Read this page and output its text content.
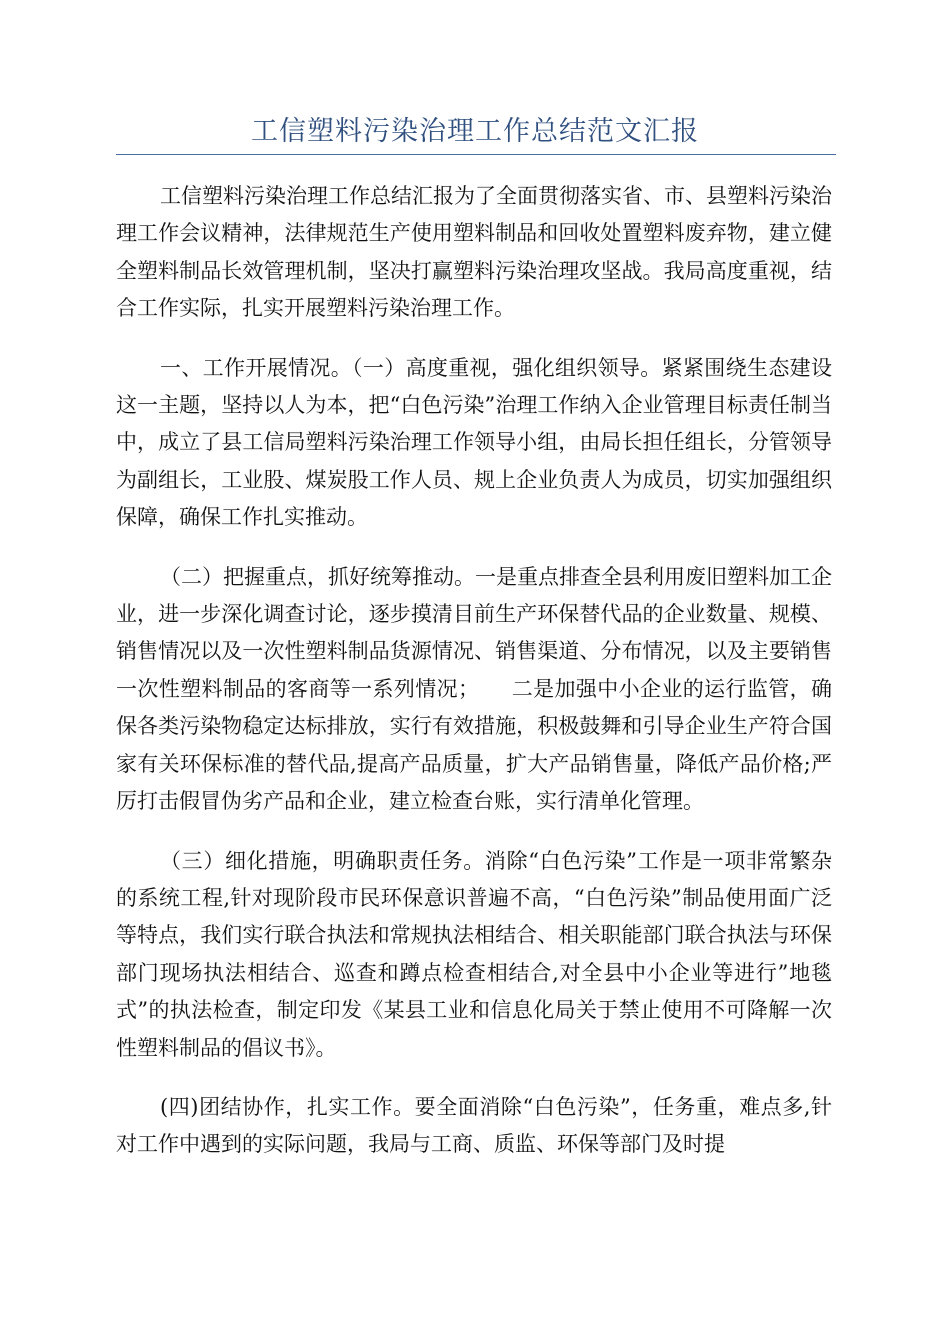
工信塑料污染治理工作总结范文汇报

工信塑料污染治理工作总结汇报为了全面贯彻落实省、市、县塑料污染治理工作会议精神，法律规范生产使用塑料制品和回收处置塑料废弃物，建立健全塑料制品长效管理机制，坚决打赢塑料污染治理攻坚战。我局高度重视，结合工作实际，扎实开展塑料污染治理工作。

一、工作开展情况。（一）高度重视，强化组织领导。紧紧围绕生态建设这一主题，坚持以人为本，把“白色污染”治理工作纳入企业管理目标责任制当中，成立了县工信局塑料污染治理工作领导小组，由局长担任组长，分管领导为副组长，工业股、煤炭股工作人员、规上企业负责人为成员，切实加强组织保障，确保工作扎实推动。

（二）把握重点，抓好统筹推动。一是重点排查全县利用废旧塑料加工企业，进一步深化调查讨论，逐步摸清目前生产环保替代品的企业数量、规模、销售情况以及一次性塑料制品货源情况、销售渠道、分布情况，以及主要销售一次性塑料制品的客商等一系列情况；　　二是加强中小企业的运行监管，确保各类污染物稳定达标排放，实行有效措施，积极鼓舞和引导企业生产符合国家有关环保标准的替代品,提高产品质量，扩大产品销售量，降低产品价格;严厉打击假冒伪劣产品和企业，建立检查台账，实行清单化管理。

（三）细化措施，明确职责任务。消除“白色污染”工作是一项非常繁杂的系统工程,针对现阶段市民环保意识普遍不高，“白色污染”制品使用面广泛等特点，我们实行联合执法和常规执法相结合、相关职能部门联合执法与环保部门现场执法相结合、巡查和蹲点检查相结合,对全县中小企业等进行”地毯式”的执法检查，制定印发《某县工业和信息化局关于禁止使用不可降解一次性塑料制品的倡议书》。

(四)团结协作，扎实工作。要全面消除“白色污染”，任务重，难点多,针对工作中遇到的实际问题，我局与工商、质监、环保等部门及时提
